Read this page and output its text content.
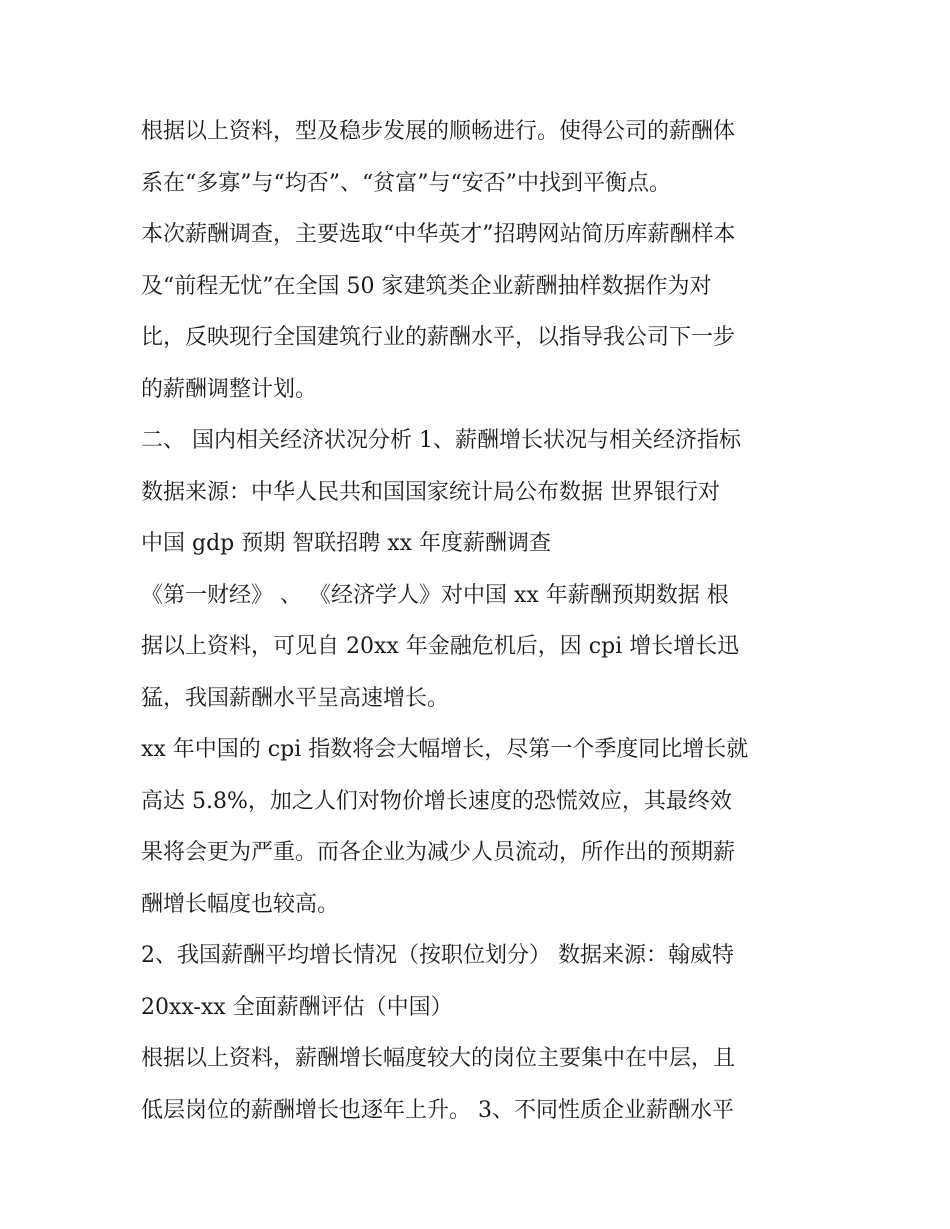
根据以上资料，型及稳步发展的顺畅进行。使得公司的薪酬体

系在“多寡”与“均否”、“贫富”与“安否”中找到平衡点。

本次薪酬调查，主要选取“中华英才”招聘网站简历库薪酬样本

及“前程无忧”在全国 50 家建筑类企业薪酬抽样数据作为对

比，反映现行全国建筑行业的薪酬水平，以指导我公司下一步

的薪酬调整计划。

二、 国内相关经济状况分析 1、薪酬增长状况与相关经济指标

数据来源：中华人民共和国国家统计局公布数据 世界银行对

中国 gdp 预期 智联招聘 xx 年度薪酬调查

《第一财经》 、 《经济学人》对中国 xx 年薪酬预期数据 根

据以上资料，可见自 20xx 年金融危机后，因 cpi 增长增长迅

猛，我国薪酬水平呈高速增长。

xx 年中国的 cpi 指数将会大幅增长，尽第一个季度同比增长就

高达 5.8%，加之人们对物价增长速度的恐慌效应，其最终效

果将会更为严重。而各企业为减少人员流动，所作出的预期薪

酬增长幅度也较高。

2、我国薪酬平均增长情况（按职位划分） 数据来源：翰威特

20xx-xx 全面薪酬评估（中国）

根据以上资料，薪酬增长幅度较大的岗位主要集中在中层，且

低层岗位的薪酬增长也逐年上升。 3、不同性质企业薪酬水平
